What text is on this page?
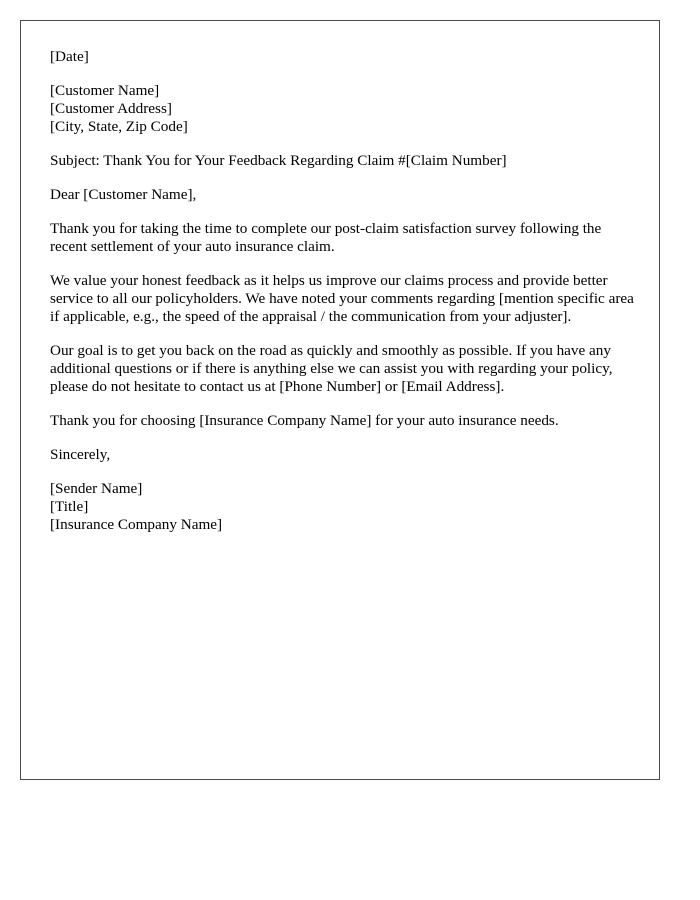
[Date]
[Customer Name]
[Customer Address]
[City, State, Zip Code]
Subject: Thank You for Your Feedback Regarding Claim #[Claim Number]
Dear [Customer Name],

Thank you for taking the time to complete our post-claim satisfaction survey following the recent settlement of your auto insurance claim.

We value your honest feedback as it helps us improve our claims process and provide better service to all our policyholders. We have noted your comments regarding [mention specific area if applicable, e.g., the speed of the appraisal / the communication from your adjuster].

Our goal is to get you back on the road as quickly and smoothly as possible. If you have any additional questions or if there is anything else we can assist you with regarding your policy, please do not hesitate to contact us at [Phone Number] or [Email Address].

Thank you for choosing [Insurance Company Name] for your auto insurance needs.

Sincerely,
[Sender Name]
[Title]
[Insurance Company Name]
